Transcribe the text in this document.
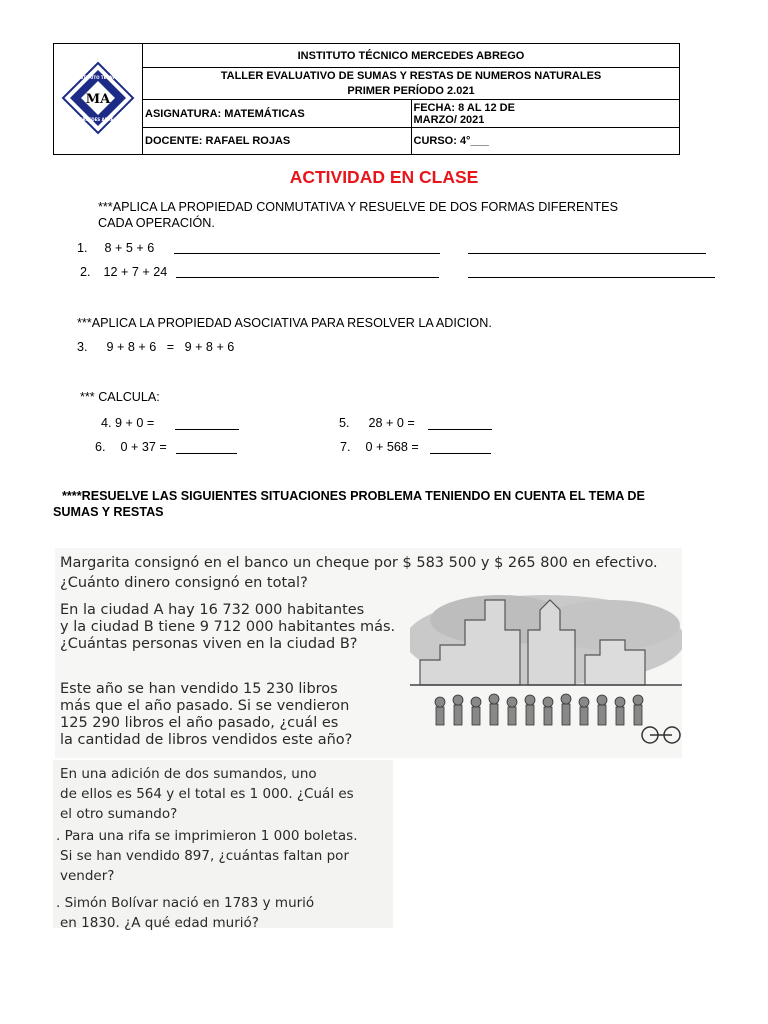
MA
INSTITUTO TÉCNICO
MERCEDES ABREGO	INSTITUTO TÉCNICO MERCEDES ABREGO	

	TALLER EVALUATIVO DE SUMAS Y RESTAS DE NUMEROS NATURALES
PRIMER PERÍODO 2.021	

	ASIGNATURA: MATEMÁTICAS	FECHA: 8 AL 12 DE
MARZO/ 2021

	DOCENTE: RAFAEL ROJAS	CURSO: 4°___
ACTIVIDAD EN CLASE
***APLICA LA PROPIEDAD CONMUTATIVA Y RESUELVE DE DOS FORMAS DIFERENTES
CADA OPERACIÓN.
1. 8 + 5 + 6
2. 12 + 7 + 24
***APLICA LA PROPIEDAD ASOCIATIVA PARA RESOLVER LA ADICION.
3. 9 + 8 + 6   =   9 + 8 + 6
*** CALCULA:
4. 9 + 0 =	5. 28 + 0 =
6. 0 + 37 =	7. 0 + 568 =
****RESUELVE LAS SIGUIENTES SITUACIONES PROBLEMA TENIENDO EN CUENTA EL TEMA DE
SUMAS Y RESTAS
Margarita consignó en el banco un cheque por $ 583 500 y $ 265 800 en efectivo.
¿Cuánto dinero consignó en total?
En la ciudad A hay 16 732 000 habitantes
y la ciudad B tiene 9 712 000 habitantes más.
¿Cuántas personas viven en la ciudad B?
Este año se han vendido 15 230 libros
más que el año pasado. Si se vendieron
125 290 libros el año pasado, ¿cuál es
la cantidad de libros vendidos este año?
En una adición de dos sumandos, uno
de ellos es 564 y el total es 1 000. ¿Cuál es
el otro sumando?
. Para una rifa se imprimieron 1 000 boletas.
Si se han vendido 897, ¿cuántas faltan por
vender?
. Simón Bolívar nació en 1783 y murió
en 1830. ¿A qué edad murió?
